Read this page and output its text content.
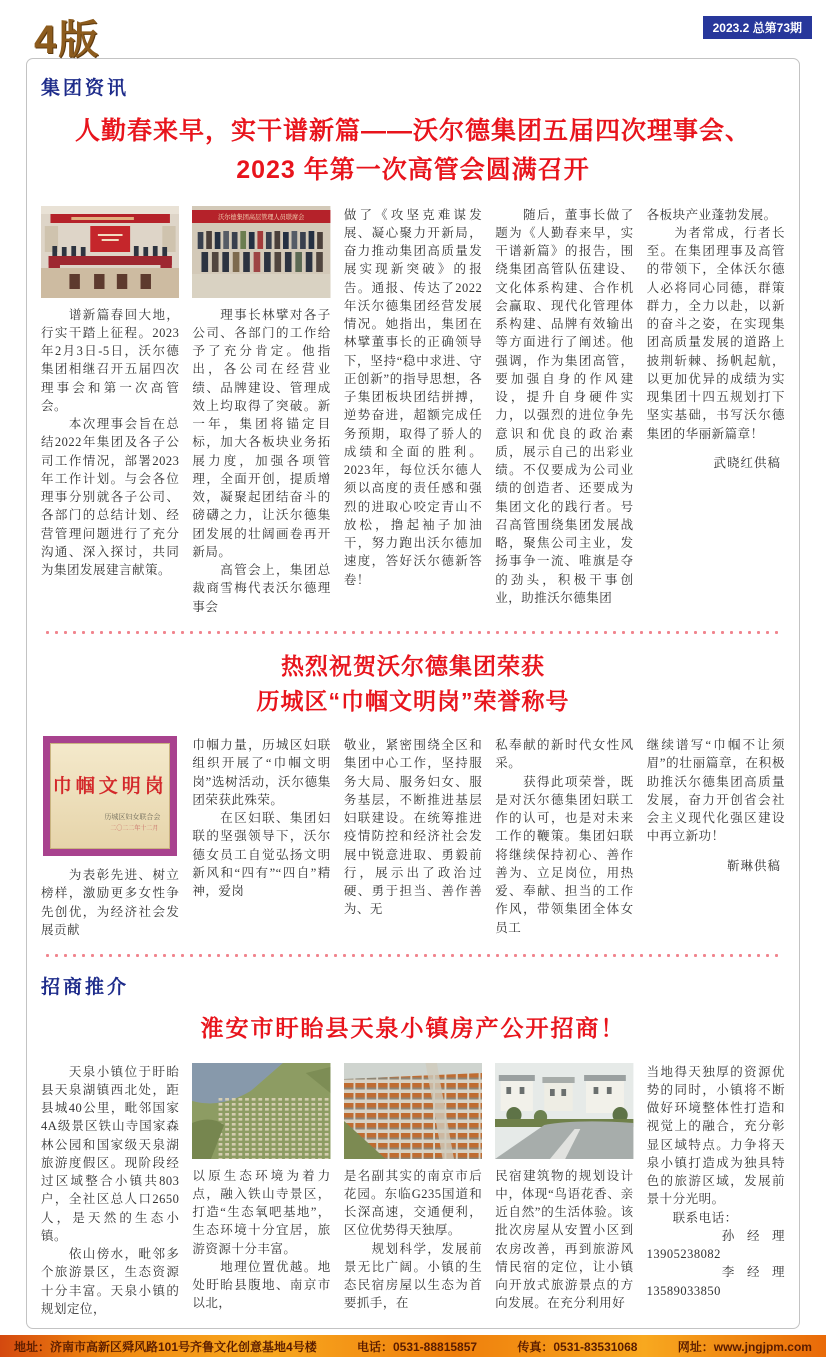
4版	2023.2 总第73期
集团资讯
人勤春来早，实干谱新篇——沃尔德集团五届四次理事会、
2023 年第一次高管会圆满召开

　　谱新篇春回大地，行实干踏上征程。2023年2月3日-5日，沃尔德集团相继召开五届四次理事会和第一次高管会。

　　本次理事会旨在总结2022年集团及各子公司工作情况，部署2023年工作计划。与会各位理事分别就各子公司、各部门的总结计划、经营管理问题进行了充分沟通、深入探讨，共同为集团发展建言献策。

沃尔德集团高层管理人员联席会

　　理事长林擘对各子公司、各部门的工作给予了充分肯定。他指出，各公司在经营业绩、品牌建设、管理成效上均取得了突破。新一年，集团将锚定目标，加大各板块业务拓展力度，加强各项管理，全面开创，提质增效，凝聚起团结奋斗的磅礴之力，让沃尔德集团发展的壮阔画卷再开新局。

　　高管会上，集团总裁商雪梅代表沃尔德理事会

做了《攻坚克难谋发展、凝心聚力开新局，奋力推动集团高质量发展实现新突破》的报告。通报、传达了2022年沃尔德集团经营发展情况。她指出，集团在林擘董事长的正确领导下，坚持“稳中求进、守正创新”的指导思想，各子集团板块团结拼搏，逆势奋进，超额完成任务预期，取得了骄人的成绩和全面的胜利。2023年，每位沃尔德人须以高度的责任感和强烈的进取心咬定青山不放松，撸起袖子加油干，努力跑出沃尔德加速度，答好沃尔德新答卷！

　　随后，董事长做了题为《人勤春来早，实干谱新篇》的报告，围绕集团高管队伍建设、文化体系构建、合作机会赢取、现代化管理体系构建、品牌有效输出等方面进行了阐述。他强调，作为集团高管，要加强自身的作风建设，提升自身硬件实力，以强烈的进位争先意识和优良的政治素质，展示自己的出彩业绩。不仅要成为公司业绩的创造者、还要成为集团文化的践行者。号召高管围绕集团发展战略，聚焦公司主业，发扬事争一流、唯旗是夺的劲头，积极干事创业，助推沃尔德集团

各板块产业蓬勃发展。

　　为者常成，行者长至。在集团理事及高管的带领下，全体沃尔德人必将同心同德，群策群力，全力以赴，以新的奋斗之姿，在实现集团高质量发展的道路上披荆斩棘、扬帆起航，以更加优异的成绩为实现集团十四五规划打下坚实基础，书写沃尔德集团的华丽新篇章！

武晓红供稿
热烈祝贺沃尔德集团荣获
历城区“巾帼文明岗”荣誉称号
巾帼文明岗
历城区妇女联合会
二〇二二年十二月

　　为表彰先进、树立榜样，激励更多女性争先创优，为经济社会发展贡献

巾帼力量，历城区妇联组织开展了“巾帼文明岗”选树活动，沃尔德集团荣获此殊荣。

　　在区妇联、集团妇联的坚强领导下，沃尔德女员工自觉弘扬文明新风和“四有”“四自”精神，爱岗

敬业，紧密围绕全区和集团中心工作，坚持服务大局、服务妇女、服务基层，不断推进基层妇联建设。在统筹推进疫情防控和经济社会发展中锐意进取、勇毅前行，展示出了政治过硬、勇于担当、善作善为、无

私奉献的新时代女性风采。

　　获得此项荣誉，既是对沃尔德集团妇联工作的认可，也是对未来工作的鞭策。集团妇联将继续保持初心、善作善为、立足岗位，用热爱、奉献、担当的工作作风，带领集团全体女员工

继续谱写“巾帼不让须眉”的壮丽篇章，在积极助推沃尔德集团高质量发展，奋力开创省会社会主义现代化强区建设中再立新功！

靳琳供稿
招商推介
淮安市盱眙县天泉小镇房产公开招商！

　　天泉小镇位于盱眙县天泉湖镇西北处，距县城40公里，毗邻国家4A级景区铁山寺国家森林公园和国家级天泉湖旅游度假区。现阶段经过区域整合小镇共803户，全社区总人口2650人，是天然的生态小镇。

　　依山傍水，毗邻多个旅游景区，生态资源十分丰富。天泉小镇的规划定位，

以原生态环境为着力点，融入铁山寺景区，打造“生态氧吧基地”，生态环境十分宜居，旅游资源十分丰富。

　　地理位置优越。地处盱眙县腹地、南京市以北，

是名副其实的南京市后花园。东临G235国道和长深高速，交通便利，区位优势得天独厚。

　　规划科学，发展前景无比广阔。小镇的生态民宿房屋以生态为首要抓手，在

民宿建筑物的规划设计中，体现“鸟语花香、亲近自然”的生活体验。该批次房屋从安置小区到农房改善，再到旅游风情民宿的定位，让小镇向开放式旅游景点的方向发展。在充分利用好

当地得天独厚的资源优势的同时，小镇将不断做好环境整体性打造和视觉上的融合，充分彰显区域特点。力争将天泉小镇打造成为独具特色的旅游区域，发展前景十分光明。

　　联系电话：

　　　孙经理 13905238082

　　　李经理 13589033850

地址：济南市高新区舜风路101号齐鲁文化创意基地4号楼	电话：0531-88815857	传真：0531-83531068	网址：www.jngjpm.com
